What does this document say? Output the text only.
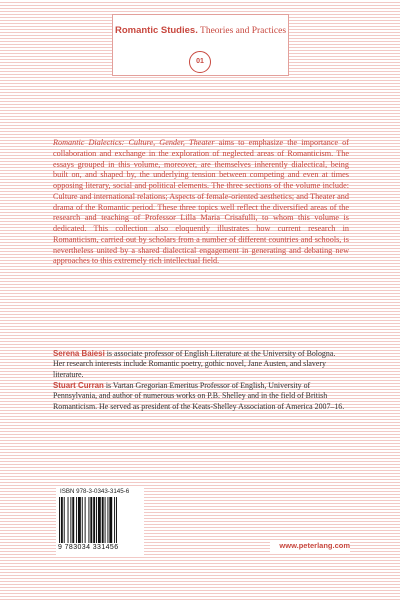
Romantic Studies. Theories and Practices
01

Romantic Dialectics: Culture, Gender, Theater aims to emphasize the importance of collaboration and exchange in the exploration of neglected areas of Romanticism. The essays grouped in this volume, moreover, are themselves inherently dialectical, being built on, and shaped by, the underlying tension between competing and even at times opposing literary, social and political elements. The three sections of the volume include: Culture and international relations; Aspects of female-oriented aesthetics; and Theater and drama of the Romantic period. These three topics well reflect the diversified areas of the research and teaching of Professor Lilla Maria Crisafulli, to whom this volume is dedicated. This collection also eloquently illustrates how current research in Romanticism, carried out by scholars from a number of different countries and schools, is nevertheless united by a shared dialectical engagement in generating and debating new approaches to this extremely rich intellectual field.

Serena Baiesi is associate professor of English Literature at the University of Bologna. Her research interests include Romantic poetry, gothic novel, Jane Austen, and slavery literature.

Stuart Curran is Vartan Gregorian Emeritus Professor of English, University of Pennsylvania, and author of numerous works on P.B. Shelley and in the field of British Romanticism. He served as president of the Keats-Shelley Association of America 2007–16.

ISBN 978-3-0343-3145-6
9 783034 331456	www.peterlang.com
